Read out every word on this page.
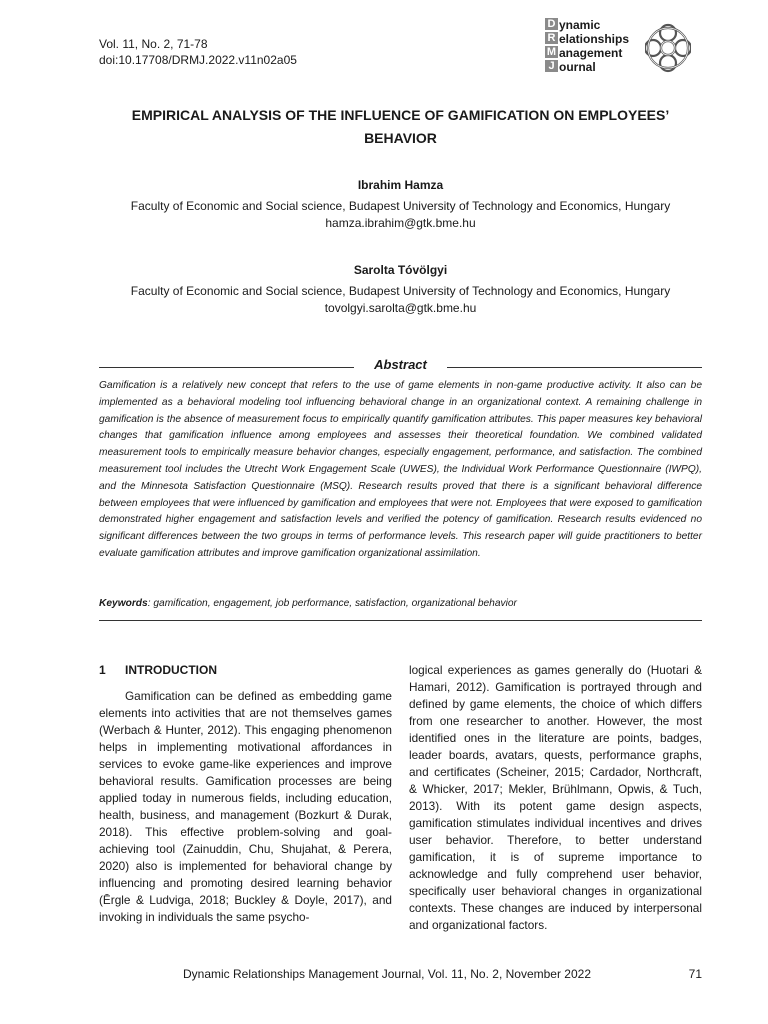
Vol. 11, No. 2, 71-78
doi:10.17708/DRMJ.2022.v11n02a05
D
R
M
J
ynamic
elationships
anagement
ournal
EMPIRICAL ANALYSIS OF THE INFLUENCE OF GAMIFICATION ON EMPLOYEES’ BEHAVIOR
Ibrahim Hamza
Faculty of Economic and Social science, Budapest University of Technology and Economics, Hungary
hamza.ibrahim@gtk.bme.hu
Sarolta Tóvölgyi
Faculty of Economic and Social science, Budapest University of Technology and Economics, Hungary
tovolgyi.sarolta@gtk.bme.hu
Abstract
Gamification is a relatively new concept that refers to the use of game elements in non-game productive activity. It also can be implemented as a behavioral modeling tool influencing behavioral change in an organizational context. A remaining challenge in gamification is the absence of measurement focus to empirically quantify gamification attributes. This paper measures key behavioral changes that gamification influence among employees and assesses their theoretical foundation. We combined validated measurement tools to empirically measure behavior changes, especially engagement, performance, and satisfaction. The combined measurement tool includes the Utrecht Work Engagement Scale (UWES), the Individual Work Performance Questionnaire (IWPQ), and the Minnesota Satisfaction Questionnaire (MSQ). Research results proved that there is a significant behavioral difference between employees that were influenced by gamification and employees that were not. Employees that were exposed to gamification demonstrated higher engagement and satisfaction levels and verified the potency of gamification. Research results evidenced no significant differences between the two groups in terms of performance levels. This research paper will guide practitioners to better evaluate gamification attributes and improve gamification organizational assimilation.
Keywords: gamification, engagement, job performance, satisfaction, organizational behavior
1 INTRODUCTION
Gamification can be defined as embedding game elements into activities that are not themselves games (Werbach & Hunter, 2012). This engaging phenomenon helps in implementing motivational affordances in services to evoke game-like experiences and improve behavioral results. Gamification processes are being applied today in numerous fields, including education, health, business, and management (Bozkurt & Durak, 2018). This effective problem-solving and goal-achieving tool (Zainuddin, Chu, Shujahat, & Perera, 2020) also is implemented for behavioral change by influencing and promoting desired learning behavior (Ērgle & Ludviga, 2018; Buckley & Doyle, 2017), and invoking in individuals the same psycho-
logical experiences as games generally do (Huotari & Hamari, 2012). Gamification is portrayed through and defined by game elements, the choice of which differs from one researcher to another. However, the most identified ones in the literature are points, badges, leader boards, avatars, quests, performance graphs, and certificates (Scheiner, 2015; Cardador, Northcraft, & Whicker, 2017; Mekler, Brühlmann, Opwis, & Tuch, 2013). With its potent game design aspects, gamification stimulates individual incentives and drives user behavior. Therefore, to better understand gamification, it is of supreme importance to acknowledge and fully comprehend user behavior, specifically user behavioral changes in organizational contexts. These changes are induced by interpersonal and organizational factors.
Dynamic Relationships Management Journal, Vol. 11, No. 2, November 2022	71
